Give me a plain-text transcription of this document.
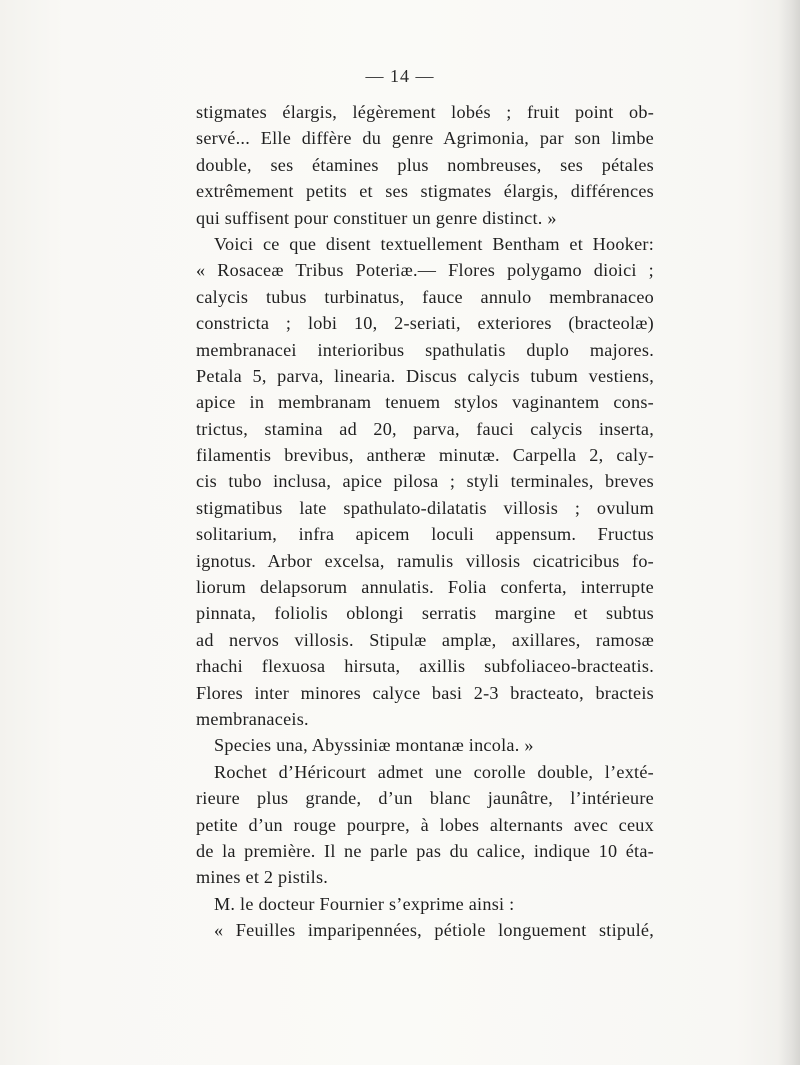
— 14 —
stigmates élargis, légèrement lobés ; fruit point ob-
servé... Elle diffère du genre Agrimonia, par son limbe
double, ses étamines plus nombreuses, ses pétales
extrêmement petits et ses stigmates élargis, différences
qui suffisent pour constituer un genre distinct. »
Voici ce que disent textuellement Bentham et Hooker:
« Rosaceæ Tribus Poteriæ.— Flores polygamo dioici ;
calycis tubus turbinatus, fauce annulo membranaceo
constricta ; lobi 10, 2-seriati, exteriores (bracteolæ)
membranacei interioribus spathulatis duplo majores.
Petala 5, parva, linearia. Discus calycis tubum vestiens,
apice in membranam tenuem stylos vaginantem cons-
trictus, stamina ad 20, parva, fauci calycis inserta,
filamentis brevibus, antheræ minutæ. Carpella 2, caly-
cis tubo inclusa, apice pilosa ; styli terminales, breves
stigmatibus late spathulato-dilatatis villosis ; ovulum
solitarium, infra apicem loculi appensum. Fructus
ignotus. Arbor excelsa, ramulis villosis cicatricibus fo-
liorum delapsorum annulatis. Folia conferta, interrupte
pinnata, foliolis oblongi serratis margine et subtus
ad nervos villosis. Stipulæ amplæ, axillares, ramosæ
rhachi flexuosa hirsuta, axillis subfoliaceo-bracteatis.
Flores inter minores calyce basi 2-3 bracteato, bracteis
membranaceis.
Species una, Abyssiniæ montanæ incola. »
Rochet d’Héricourt admet une corolle double, l’exté-
rieure plus grande, d’un blanc jaunâtre, l’intérieure
petite d’un rouge pourpre, à lobes alternants avec ceux
de la première. Il ne parle pas du calice, indique 10 éta-
mines et 2 pistils.
M. le docteur Fournier s’exprime ainsi :
« Feuilles imparipennées, pétiole longuement stipulé,
